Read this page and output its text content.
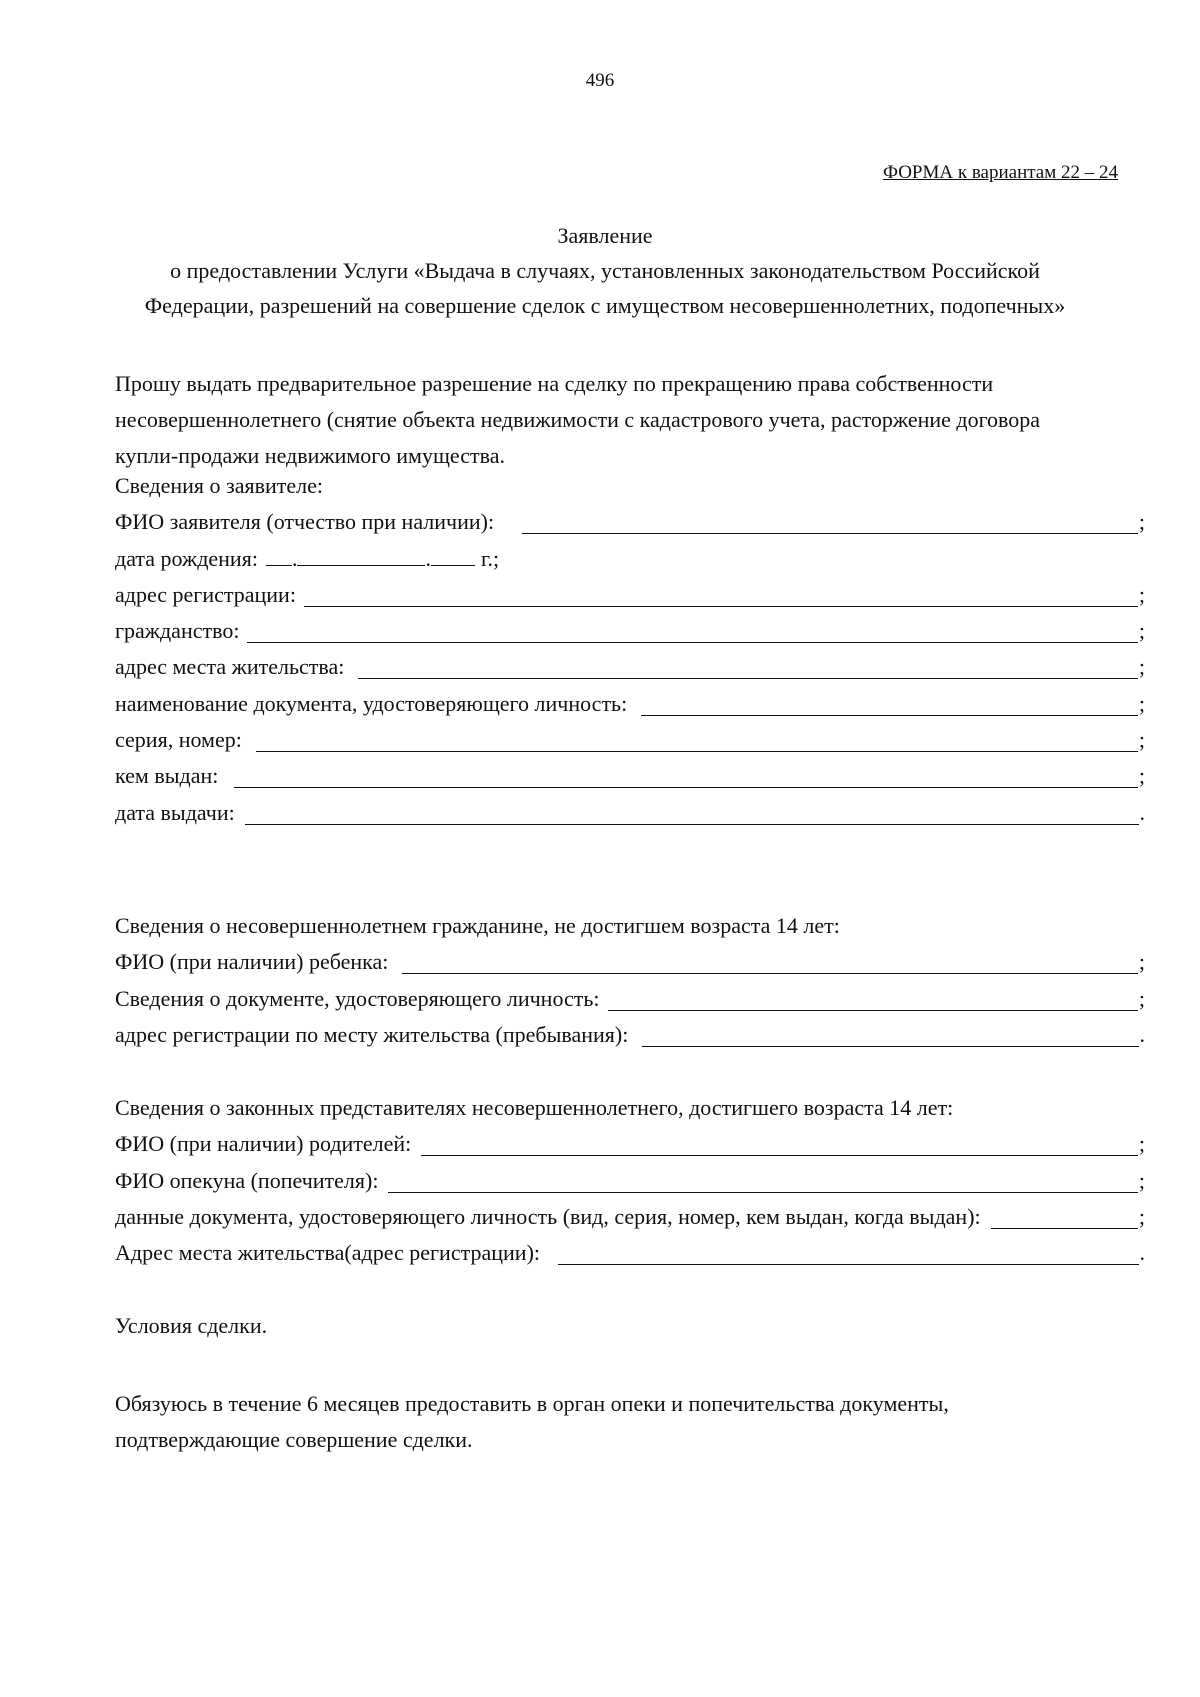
496
ФОРМА к вариантам 22 – 24
Заявление
о предоставлении Услуги «Выдача в случаях, установленных законодательством Российской
Федерации, разрешений на совершение сделок с имуществом несовершеннолетних, подопечных»
Прошу выдать предварительное разрешение на сделку по прекращению права собственности
несовершеннолетнего (снятие объекта недвижимости с кадастрового учета, расторжение договора
купли-продажи недвижимого имущества.
Сведения о заявителе:
ФИО заявителя (отчество при наличии):	;
дата рождения: .	. г.;
адрес регистрации:	;
гражданство:	;
адрес места жительства:	;
наименование документа, удостоверяющего личность:	;
серия, номер:	;
кем выдан:	;
дата выдачи:	.
Сведения о несовершеннолетнем гражданине, не достигшем возраста 14 лет:
ФИО (при наличии) ребенка:	;
Сведения о документе, удостоверяющего личность:	;
адрес регистрации по месту жительства (пребывания):	.
Сведения о законных представителях несовершеннолетнего, достигшего возраста 14 лет:
ФИО (при наличии) родителей:	;
ФИО опекуна (попечителя):	;
данные документа, удостоверяющего личность (вид, серия, номер, кем выдан, когда выдан):	;
Адрес места жительства(адрес регистрации):	.
Условия сделки.
Обязуюсь в течение 6 месяцев предоставить в орган опеки и попечительства документы,
подтверждающие совершение сделки.
